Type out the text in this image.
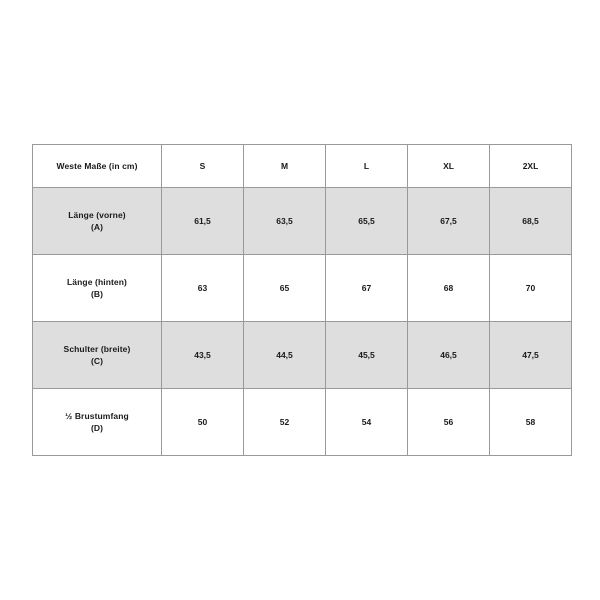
Weste Maße (in cm)	S	M	L	XL	2XL
Länge (vorne)
(A)	61,5	63,5	65,5	67,5	68,5
Länge (hinten)
(B)	63	65	67	68	70
Schulter (breite)
(C)	43,5	44,5	45,5	46,5	47,5
½ Brustumfang
(D)	50	52	54	56	58
